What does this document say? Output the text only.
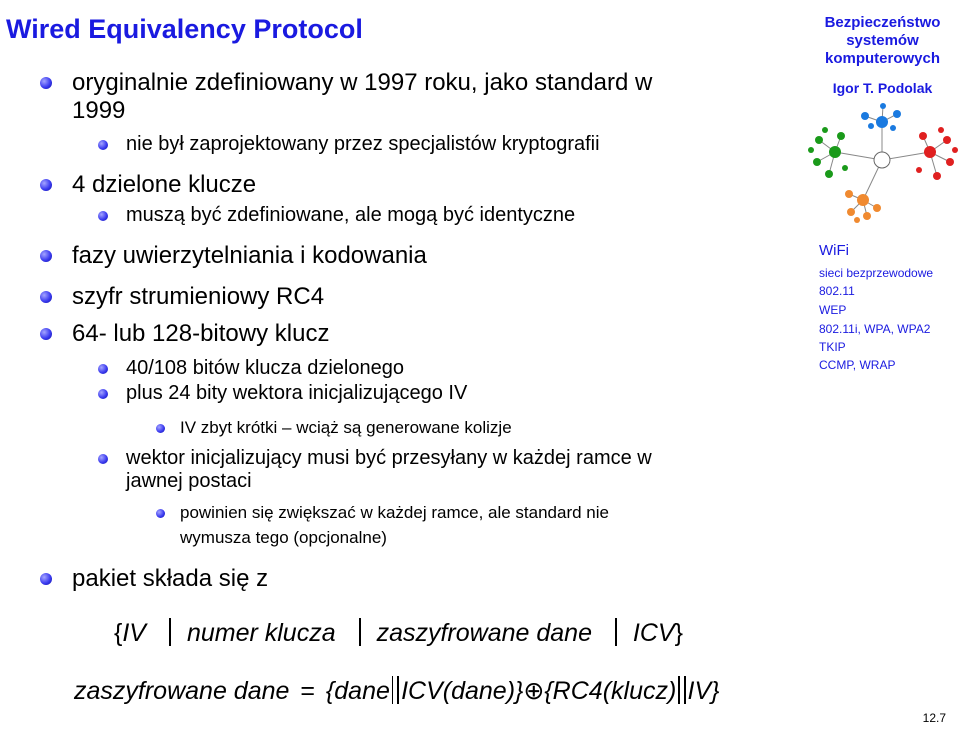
Wired Equivalency Protocol
oryginalnie zdefiniowany w 1997 roku, jako standard w
1999
nie był zaprojektowany przez specjalistów kryptografii
4 dzielone klucze
muszą być zdefiniowane, ale mogą być identyczne
fazy uwierzytelniania i kodowania
szyfr strumieniowy RC4
64- lub 128-bitowy klucz
40/108 bitów klucza dzielonego
plus 24 bity wektora inicjalizującego IV
IV zbyt krótki – wciąż są generowane kolizje
wektor inicjalizujący musi być przesyłany w każdej ramce w
jawnej postaci
powinien się zwiększać w każdej ramce, ale standard nie
wymusza tego (opcjonalne)
pakiet składa się z
{IV numer klucza zaszyfrowane dane ICV}
zaszyfrowane dane = {dane ICV(dane)}⊕{RC4(klucz) IV}
Bezpieczeństwo
systemów
komputerowych
Igor T. Podolak
WiFi
sieci bezprzewodowe
802.11
WEP
802.11i, WPA, WPA2
TKIP
CCMP, WRAP
12.7
